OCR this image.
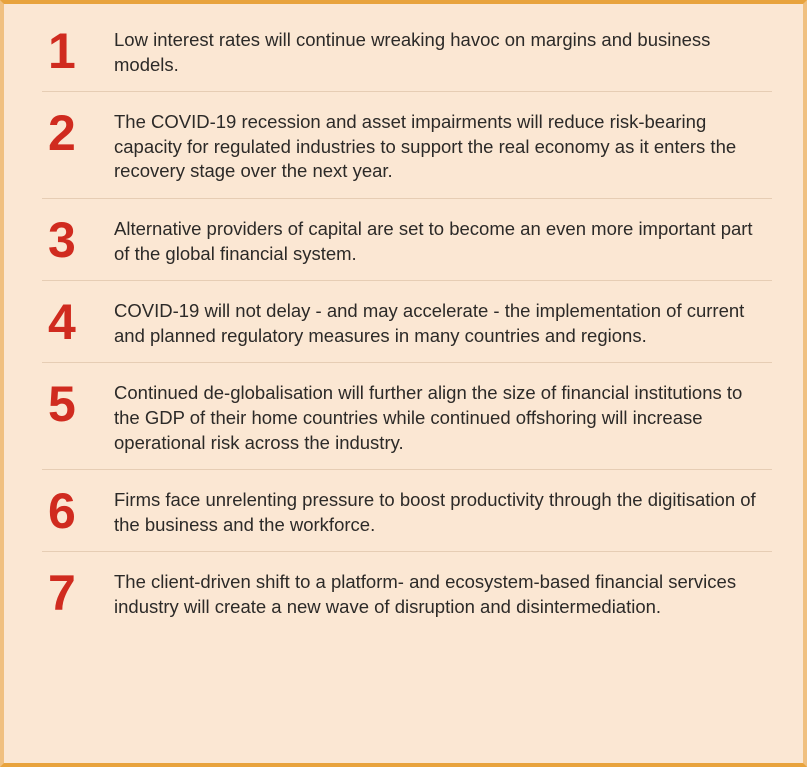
1	Low interest rates will continue wreaking havoc on margins and business models.
2	The COVID-19 recession and asset impairments will reduce risk-bearing capacity for regulated industries to support the real economy as it enters the recovery stage over the next year.
3	Alternative providers of capital are set to become an even more important part of the global financial system.
4	COVID-19 will not delay - and may accelerate - the implementation of current and planned regulatory measures in many countries and regions.
5	Continued de-globalisation will further align the size of financial institutions to the GDP of their home countries while continued offshoring will increase operational risk across the industry.
6	Firms face unrelenting pressure to boost productivity through the digitisation of the business and the workforce.
7	The client-driven shift to a platform- and ecosystem-based financial services industry will create a new wave of disruption and disintermediation.
